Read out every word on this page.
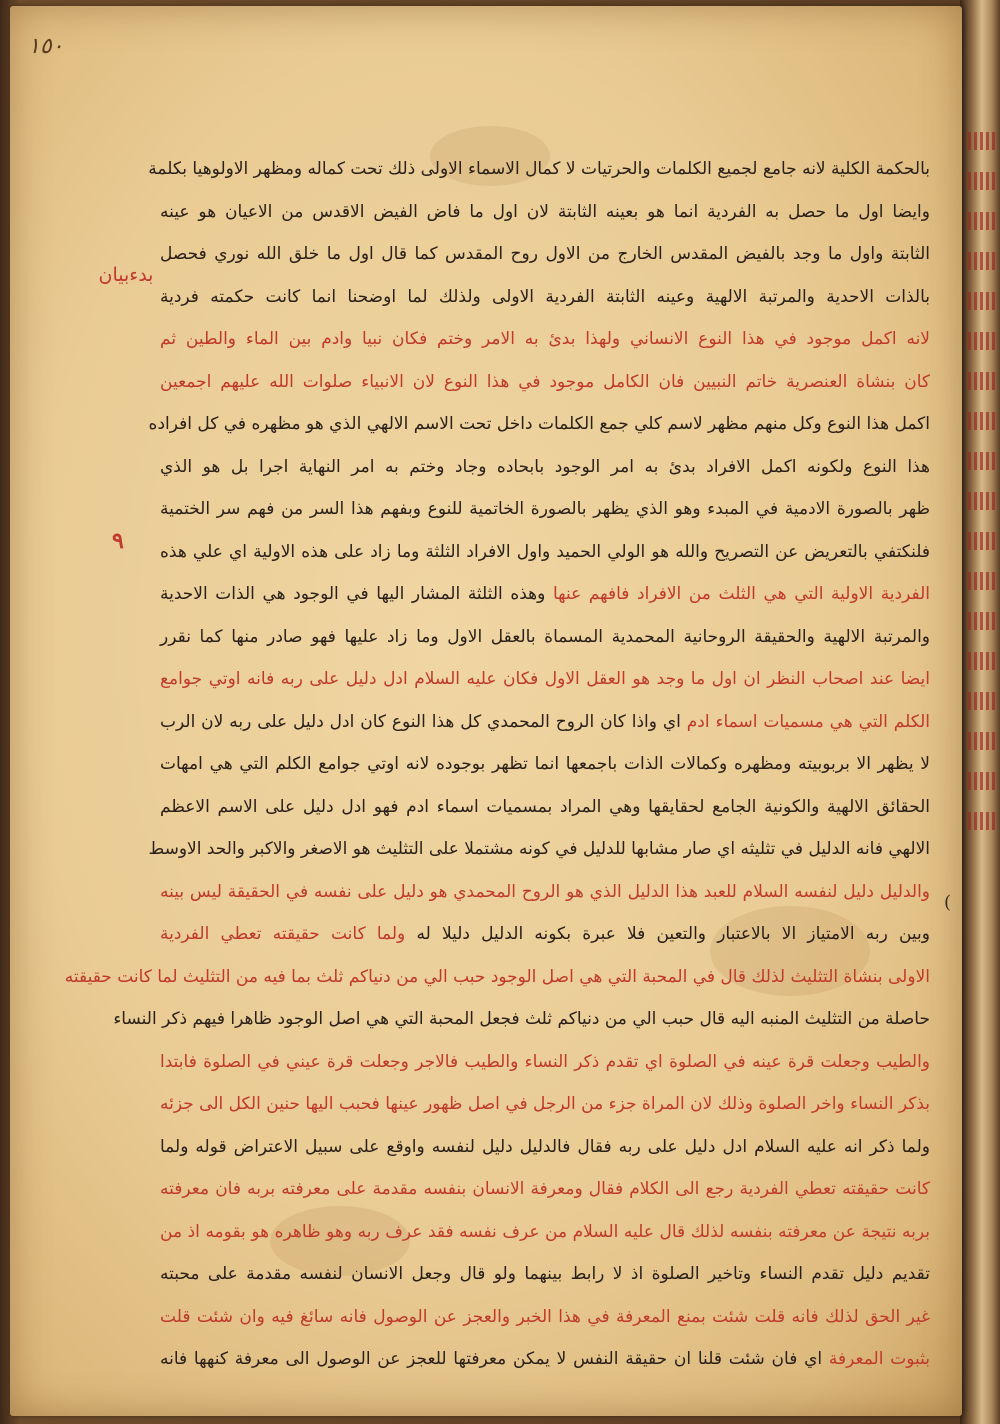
١٥٠
بدءبيان
٩
(
بالحكمة الكلية لانه جامع لجميع الكلمات والحرتيات لا كمال الاسماء الاولى ذلك تحت كماله ومظهر الاولوهيا بكلمة
وايضا اول ما حصل به الفردية انما هو بعينه الثابتة لان اول ما فاض الفيض الاقدس من الاعيان هو عينه
الثابتة واول ما وجد بالفيض المقدس الخارج من الاول روح المقدس كما قال اول ما خلق الله نوري فحصل
بالذات الاحدية والمرتبة الالهية وعينه الثابتة الفردية الاولى ولذلك لما اوضحنا انما كانت حكمته فردية
لانه اكمل موجود في هذا النوع الانساني ولهذا بدئ به الامر وختم فكان نبيا وادم بين الماء والطين ثم
كان بنشاة العنصرية خاتم النبيين فان الكامل موجود في هذا النوع لان الانبياء صلوات الله عليهم اجمعين
اكمل هذا النوع وكل منهم مظهر لاسم كلي جمع الكلمات داخل تحت الاسم الالهي الذي هو مظهره في كل افراده
هذا النوع ولكونه اكمل الافراد بدئ به امر الوجود بابحاده وجاد وختم به امر النهاية اجرا بل هو الذي
ظهر بالصورة الادمية في المبدء وهو الذي يظهر بالصورة الخاتمية للنوع وبفهم هذا السر من فهم سر الختمية
فلنكتفي بالتعريض عن التصريح والله هو الولي الحميد واول الافراد الثلثة وما زاد على هذه الاولية اي علي هذه
الفردية الاولية التي هي الثلث من الافراد فافهم عنها وهذه الثلثة المشار اليها في الوجود هي الذات الاحدية
والمرتبة الالهية والحقيقة الروحانية المحمدية المسماة بالعقل الاول وما زاد عليها فهو صادر منها كما نقرر
ايضا عند اصحاب النظر ان اول ما وجد هو العقل الاول فكان عليه السلام ادل دليل على ربه فانه اوتي جوامع
الكلم التي هي مسميات اسماء ادم اي واذا كان الروح المحمدي كل هذا النوع كان ادل دليل على ربه لان الرب
لا يظهر الا بربوبيته ومظهره وكمالات الذات باجمعها انما تظهر بوجوده لانه اوتي جوامع الكلم التي هي امهات
الحقائق الالهية والكونية الجامع لحقايقها وهي المراد بمسميات اسماء ادم فهو ادل دليل على الاسم الاعظم
الالهي فانه الدليل في تثليثه اي صار مشابها للدليل في كونه مشتملا على التثليث هو الاصغر والاكبر والحد الاوسط
والدليل دليل لنفسه السلام للعبد هذا الدليل الذي هو الروح المحمدي هو دليل على نفسه في الحقيقة ليس بينه
وبين ربه الامتياز الا بالاعتبار والتعين فلا عبرة بكونه الدليل دليلا له ولما كانت حقيقته تعطي الفردية
الاولى بنشاة التثليث لذلك قال في المحبة التي هي اصل الوجود حبب الي من دنياكم ثلث بما فيه من التثليث لما كانت حقيقته
حاصلة من التثليث المنبه اليه قال حبب الي من دنياكم ثلث فجعل المحبة التي هي اصل الوجود ظاهرا فيهم ذكر النساء
والطيب وجعلت قرة عينه في الصلوة اي تقدم ذكر النساء والطيب فالاجر وجعلت قرة عيني في الصلوة فابتدا
بذكر النساء واخر الصلوة وذلك لان المراة جزء من الرجل في اصل ظهور عينها فحبب اليها حنين الكل الى جزئه
ولما ذكر انه عليه السلام ادل دليل على ربه فقال فالدليل دليل لنفسه واوقع على سبيل الاعتراض قوله ولما
كانت حقيقته تعطي الفردية رجع الى الكلام فقال ومعرفة الانسان بنفسه مقدمة على معرفته بربه فان معرفته
بربه نتيجة عن معرفته بنفسه لذلك قال عليه السلام من عرف نفسه فقد عرف ربه وهو ظاهره هو بقومه اذ من
تقديم دليل تقدم النساء وتاخير الصلوة اذ لا رابط بينهما ولو قال وجعل الانسان لنفسه مقدمة على محبته
غير الحق لذلك فانه قلت شئت بمنع المعرفة في هذا الخبر والعجز عن الوصول فانه سائغ فيه وان شئت قلت
بثبوت المعرفة اي فان شئت قلنا ان حقيقة النفس لا يمكن معرفتها للعجز عن الوصول الى معرفة كنهها فانه
